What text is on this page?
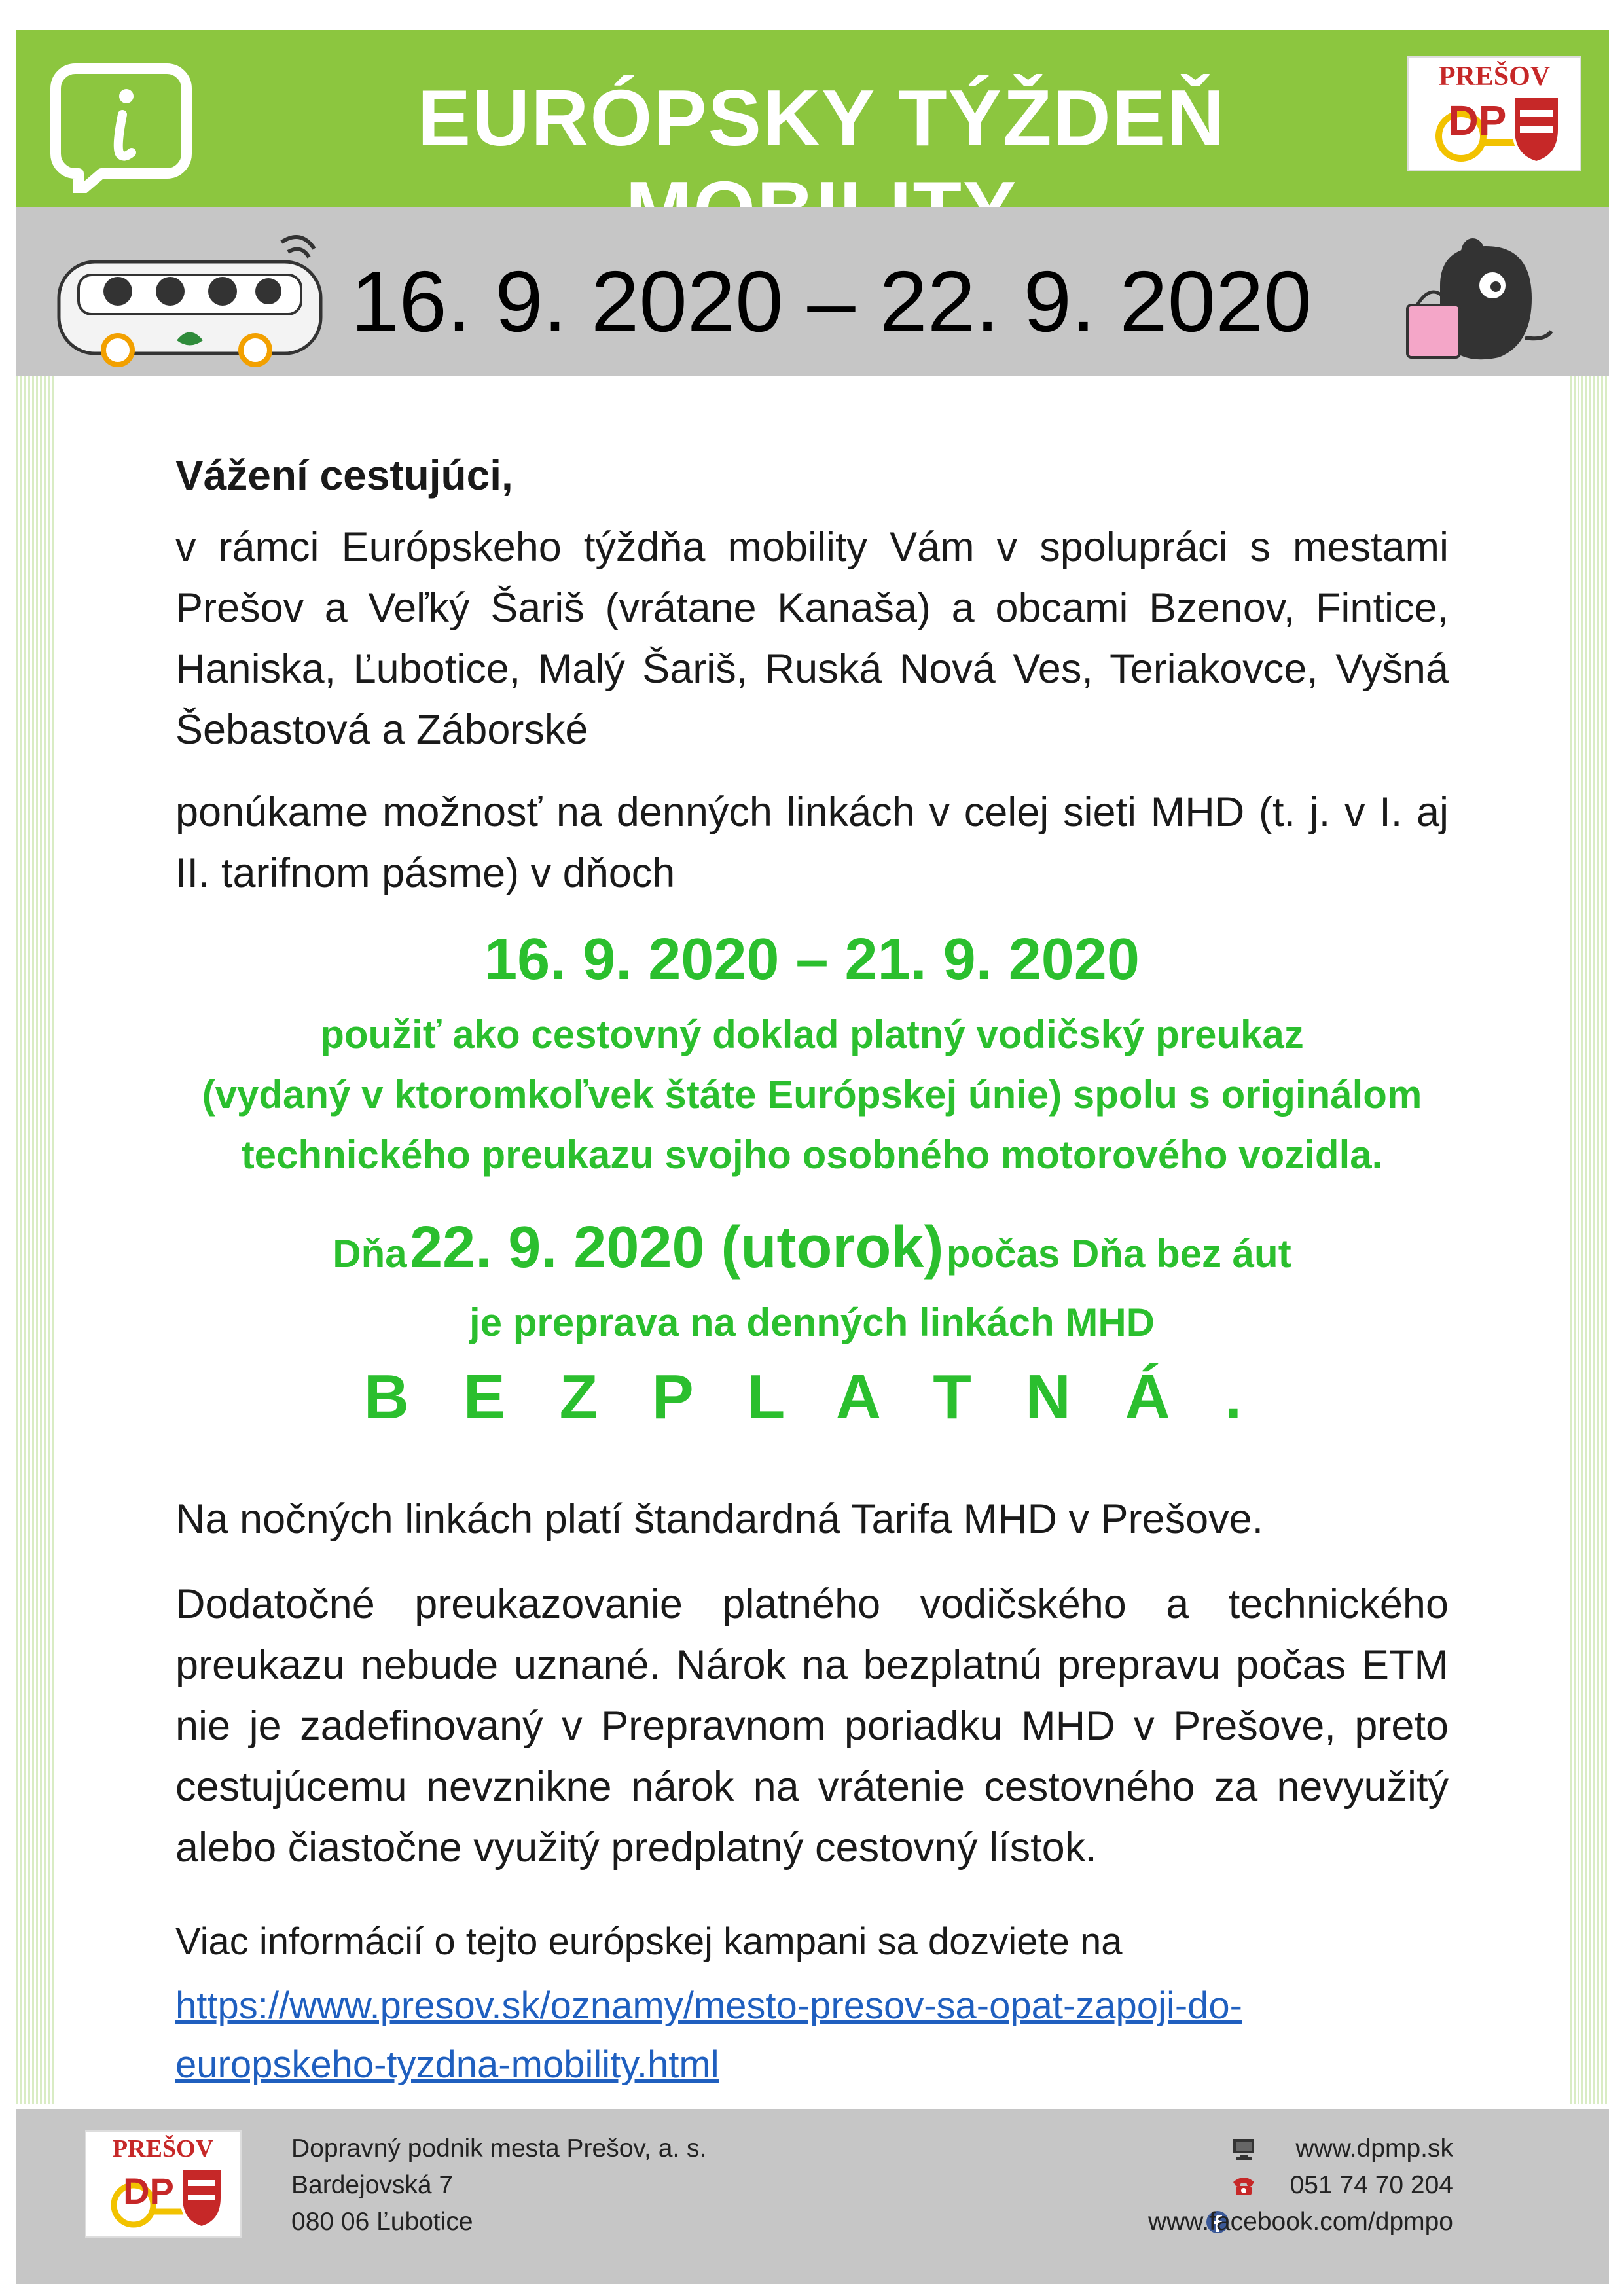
EURÓPSKY TÝŽDEŇ	PREŠOV
DP
16. 9. 2020 – 22. 9. 2020
Vážení cestujúci,

v rámci Európskeho týždňa mobility Vám v spolupráci s mestami Prešov a Veľký Šariš (vrátane Kanaša) a obcami Bzenov, Fintice, Haniska, Ľubotice, Malý Šariš, Ruská Nová Ves, Teriakovce, Vyšná Šebastová a Záborské

ponúkame možnosť na denných linkách v celej sieti MHD (t. j. v I. aj II. tarifnom pásme) v dňoch

16. 9. 2020 – 21. 9. 2020
použiť ako cestovný doklad platný vodičský preukaz
(vydaný v ktoromkoľvek štáte Európskej únie) spolu s originálom
technického preukazu svojho osobného motorového vozidla.
Dňa 22. 9. 2020 (utorok) počas Dňa bez áut
je preprava na denných linkách MHD
B E Z P L A T N Á .

Na nočných linkách platí štandardná Tarifa MHD v Prešove.

Dodatočné preukazovanie platného vodičského a technického preukazu nebude uznané. Nárok na bezplatnú prepravu počas ETM nie je zadefinovaný v Prepravnom poriadku MHD v Prešove, preto cestujúcemu nevznikne nárok na vrátenie cestovného za nevyužitý alebo čiastočne využitý predplatný cestovný lístok.

Viac informácií o tejto európskej kampani sa dozviete na

https://www.presov.sk/oznamy/mesto-presov-sa-opat-zapoji-do-
europskeho-tyzdna-mobility.html
PREŠOV
DP
Dopravný podnik mesta Prešov, a. s.
Bardejovská 7
080 06 Ľubotice
www.dpmp.sk
051 74 70 204
www.facebook.com/dpmpo
